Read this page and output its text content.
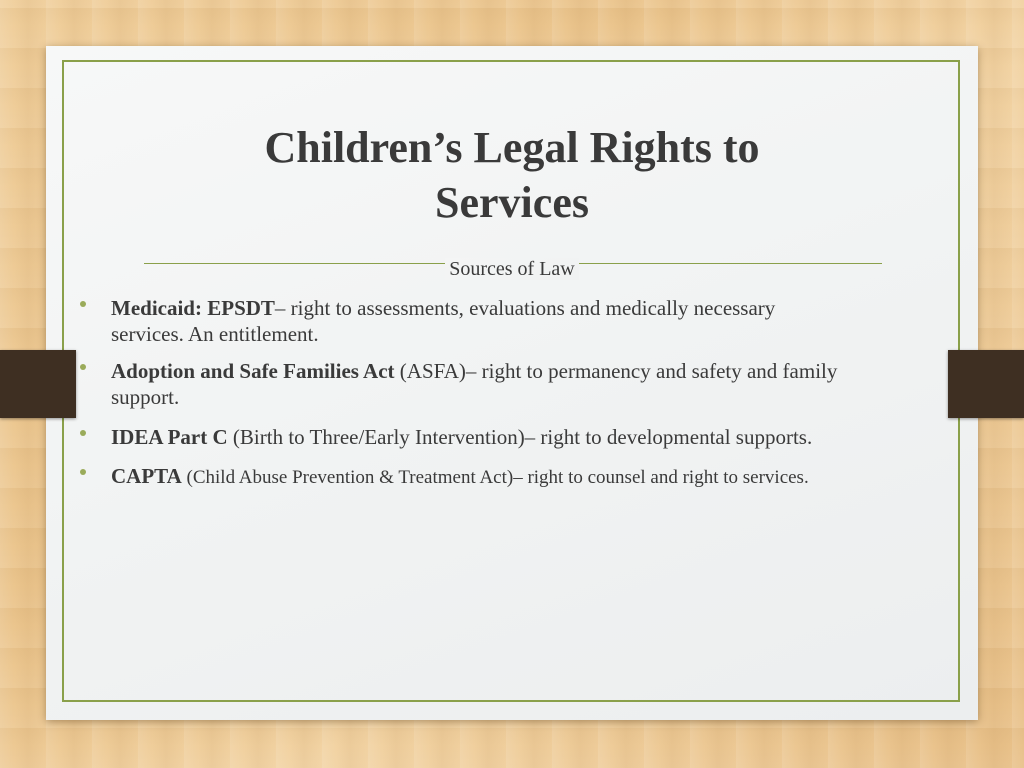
Children’s Legal Rights to
Services
Sources of Law
Medicaid: EPSDT– right to assessments, evaluations and medically necessary
services. An entitlement.
Adoption and Safe Families Act (ASFA)– right to permanency and safety and family
support.
IDEA Part C (Birth to Three/Early Intervention)– right to developmental supports.
CAPTA (Child Abuse Prevention & Treatment Act)– right to counsel and right to services.
